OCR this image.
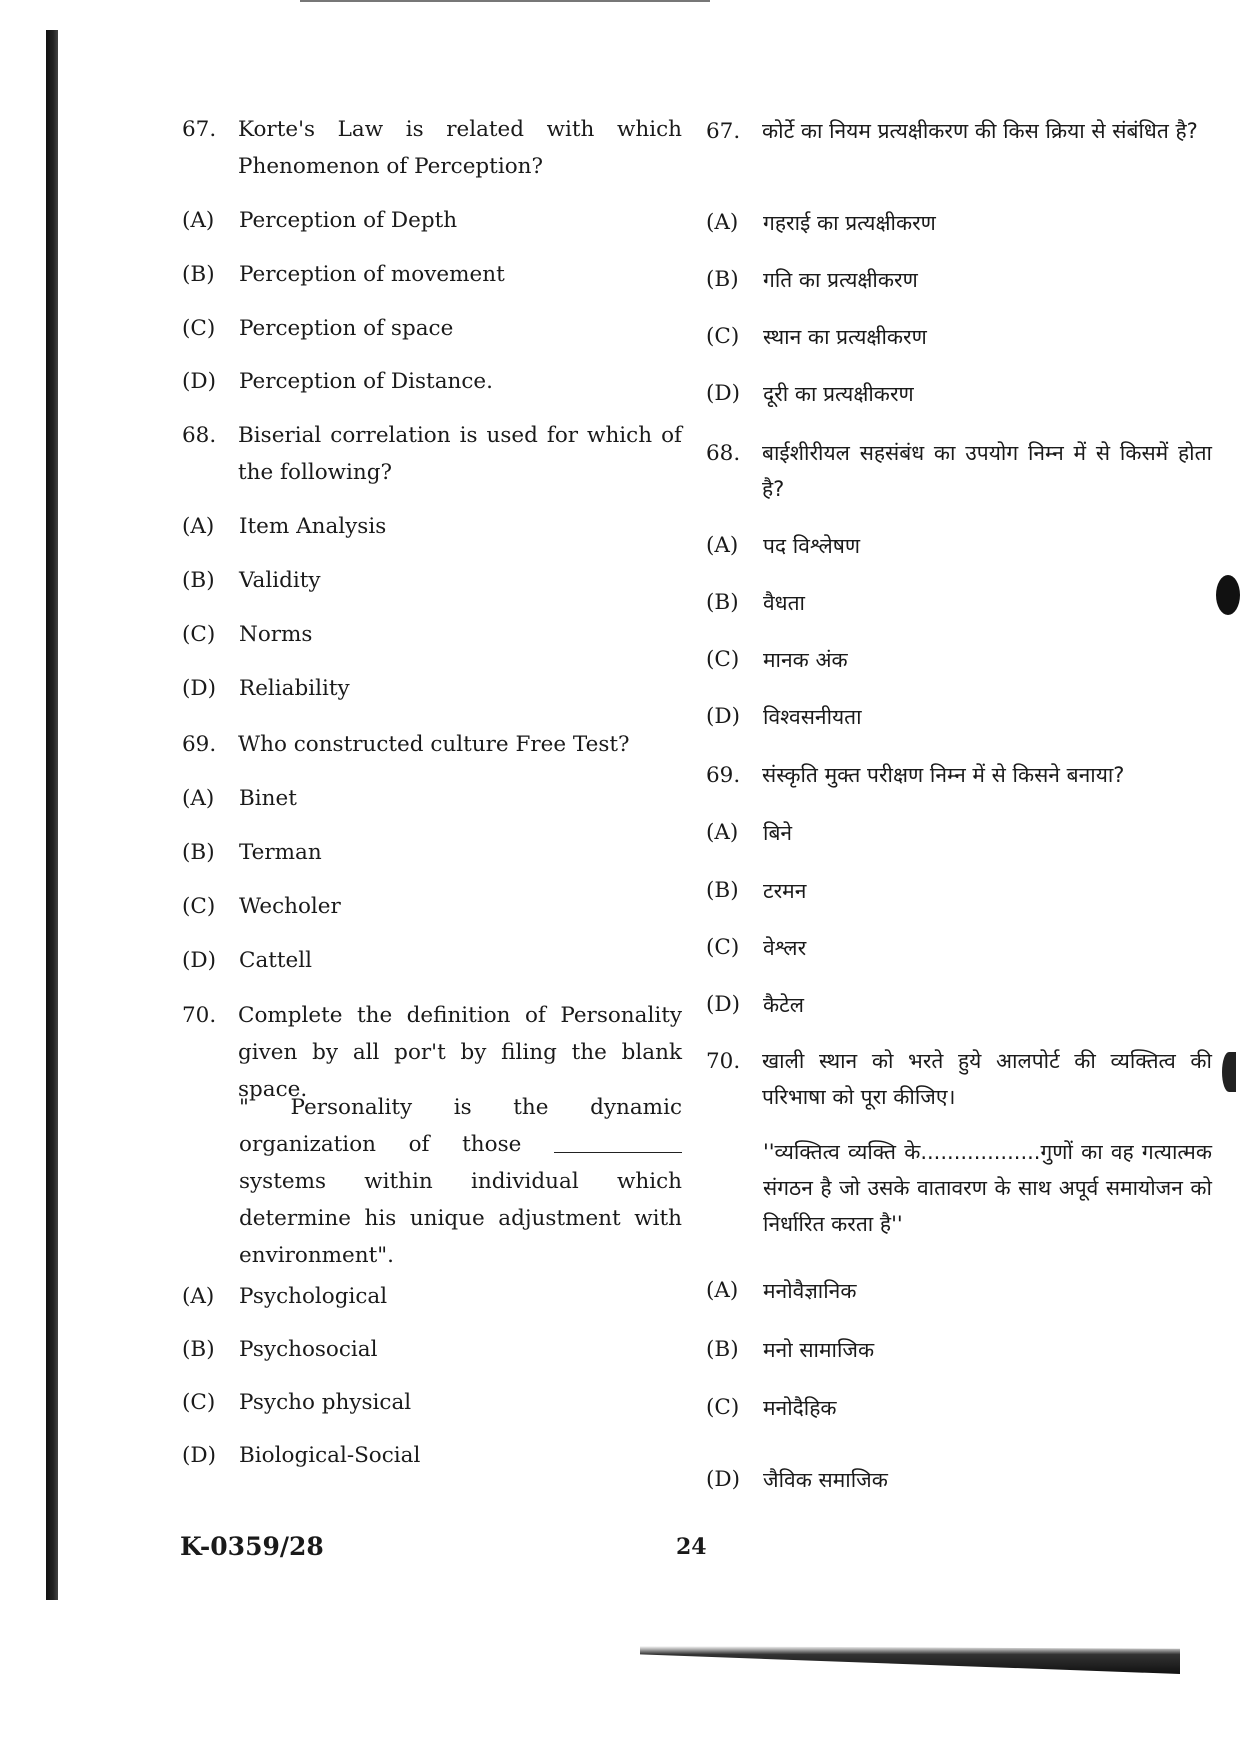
67.	Korte's Law is related with which Phenomenon of Perception?
(A)	Perception of Depth
(B)	Perception of movement
(C)	Perception of space
(D)	Perception of Distance.
68.	Biserial correlation is used for which of the following?
(A)	Item Analysis
(B)	Validity
(C)	Norms
(D)	Reliability
69.	Who constructed culture Free Test?
(A)	Binet
(B)	Terman
(C)	Wecholer
(D)	Cattell
70.	Complete the definition of Personality given by all por't by filing the blank space.
" Personality is the dynamic organization of those  systems within individual which determine his unique adjustment with environment".
(A)	Psychological
(B)	Psychosocial
(C)	Psycho physical
(D)	Biological-Social
67.	कोर्टे का नियम प्रत्यक्षीकरण की किस क्रिया से संबंधित है?
(A)	गहराई का प्रत्यक्षीकरण
(B)	गति का प्रत्यक्षीकरण
(C)	स्थान का प्रत्यक्षीकरण
(D)	दूरी का प्रत्यक्षीकरण
68.	बाईशीरीयल सहसंबंध का उपयोग निम्न में से किसमें होता है?
(A)	पद विश्लेषण
(B)	वैधता
(C)	मानक अंक
(D)	विश्वसनीयता
69.	संस्कृति मुक्त परीक्षण निम्न में से किसने बनाया?
(A)	बिने
(B)	टरमन
(C)	वेश्लर
(D)	कैटेल
70.	खाली स्थान को भरते हुये आलपोर्ट की व्यक्तित्व की परिभाषा को पूरा कीजिए।
''व्यक्तित्व व्यक्ति के..................गुणों का वह गत्यात्मक संगठन है जो उसके वातावरण के साथ अपूर्व समायोजन को निर्धारित करता है''
(A)	मनोवैज्ञानिक
(B)	मनो सामाजिक
(C)	मनोदैहिक
(D)	जैविक समाजिक
K-0359/28	24
